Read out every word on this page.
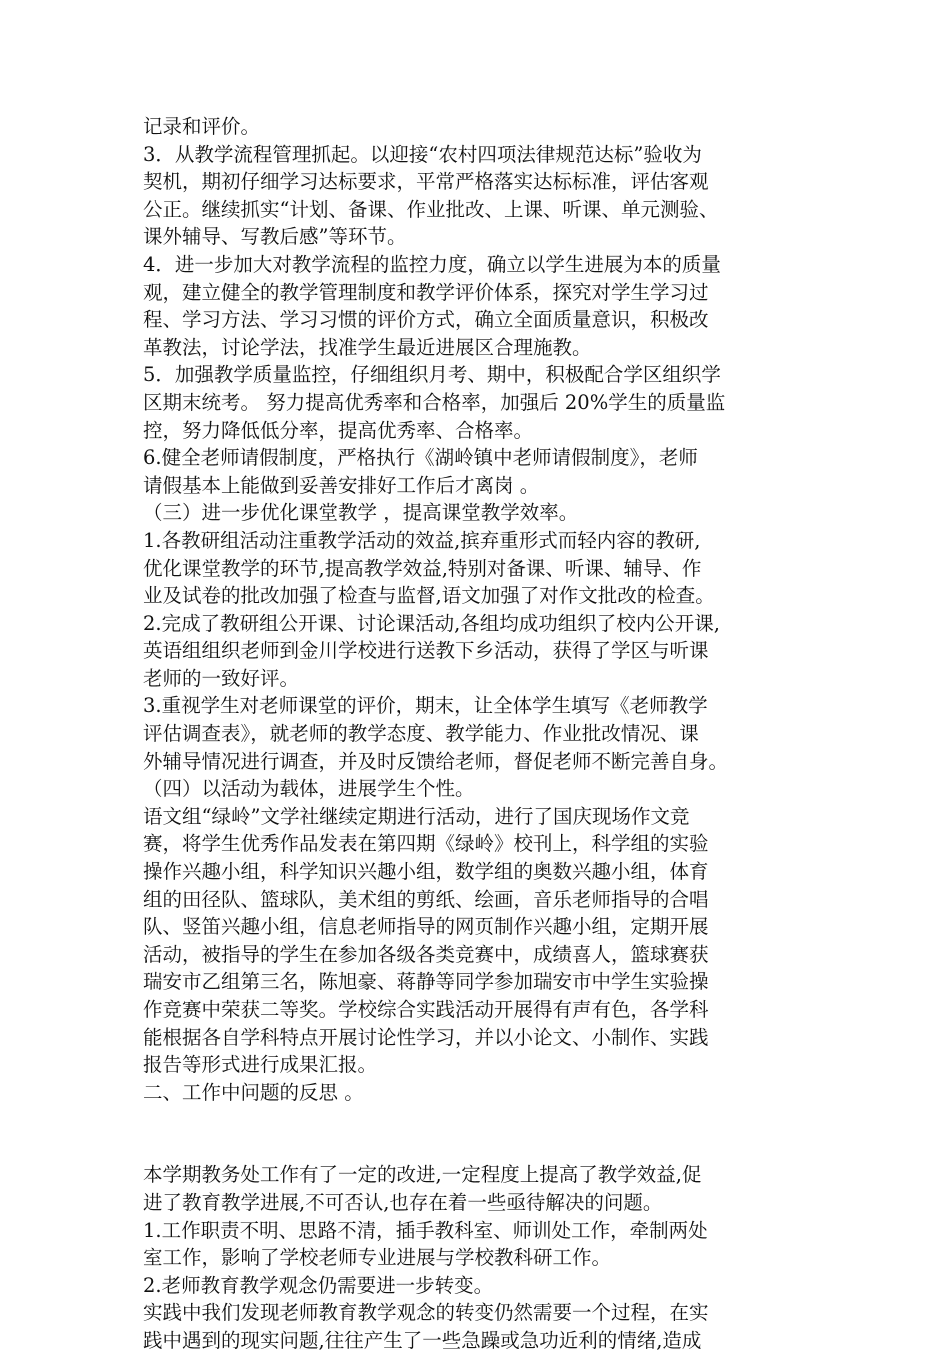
记录和评价。
3．从教学流程管理抓起。以迎接“农村四项法律规范达标”验收为
契机，期初仔细学习达标要求，平常严格落实达标标准，评估客观
公正。继续抓实“计划、备课、作业批改、上课、听课、单元测验、
课外辅导、写教后感”等环节。
4．进一步加大对教学流程的监控力度，确立以学生进展为本的质量
观，建立健全的教学管理制度和教学评价体系，探究对学生学习过
程、学习方法、学习习惯的评价方式，确立全面质量意识，积极改
革教法，讨论学法，找准学生最近进展区合理施教。
5．加强教学质量监控，仔细组织月考、期中，积极配合学区组织学
区期末统考。 努力提高优秀率和合格率，加强后 20%学生的质量监
控，努力降低低分率，提高优秀率、合格率。
6.健全老师请假制度，严格执行《湖岭镇中老师请假制度》，老师
请假基本上能做到妥善安排好工作后才离岗 。
（三）进一步优化课堂教学 ，提高课堂教学效率。
1.各教研组活动注重教学活动的效益,摈弃重形式而轻内容的教研,
优化课堂教学的环节,提高教学效益,特别对备课、听课、辅导、作
业及试卷的批改加强了检查与监督,语文加强了对作文批改的检查。
2.完成了教研组公开课、讨论课活动,各组均成功组织了校内公开课,
英语组组织老师到金川学校进行送教下乡活动，获得了学区与听课
老师的一致好评。
3.重视学生对老师课堂的评价，期末，让全体学生填写《老师教学
评估调查表》，就老师的教学态度、教学能力、作业批改情况、课
外辅导情况进行调查，并及时反馈给老师，督促老师不断完善自身。
（四）以活动为载体，进展学生个性。
语文组“绿岭”文学社继续定期进行活动，进行了国庆现场作文竞
赛，将学生优秀作品发表在第四期《绿岭》校刊上，科学组的实验
操作兴趣小组，科学知识兴趣小组，数学组的奥数兴趣小组，体育
组的田径队、篮球队，美术组的剪纸、绘画，音乐老师指导的合唱
队、竖笛兴趣小组，信息老师指导的网页制作兴趣小组，定期开展
活动，被指导的学生在参加各级各类竞赛中，成绩喜人，篮球赛获
瑞安市乙组第三名，陈旭豪、蒋静等同学参加瑞安市中学生实验操
作竞赛中荣获二等奖。学校综合实践活动开展得有声有色，各学科
能根据各自学科特点开展讨论性学习，并以小论文、小制作、实践
报告等形式进行成果汇报。
二、工作中问题的反思 。
本学期教务处工作有了一定的改进,一定程度上提高了教学效益,促
进了教育教学进展,不可否认,也存在着一些亟待解决的问题。
1.工作职责不明、思路不清，插手教科室、师训处工作，牵制两处
室工作，影响了学校老师专业进展与学校教科研工作。
2.老师教育教学观念仍需要进一步转变。
实践中我们发现老师教育教学观念的转变仍然需要一个过程，在实
践中遇到的现实问题,往往产生了一些急躁或急功近利的情绪,造成
